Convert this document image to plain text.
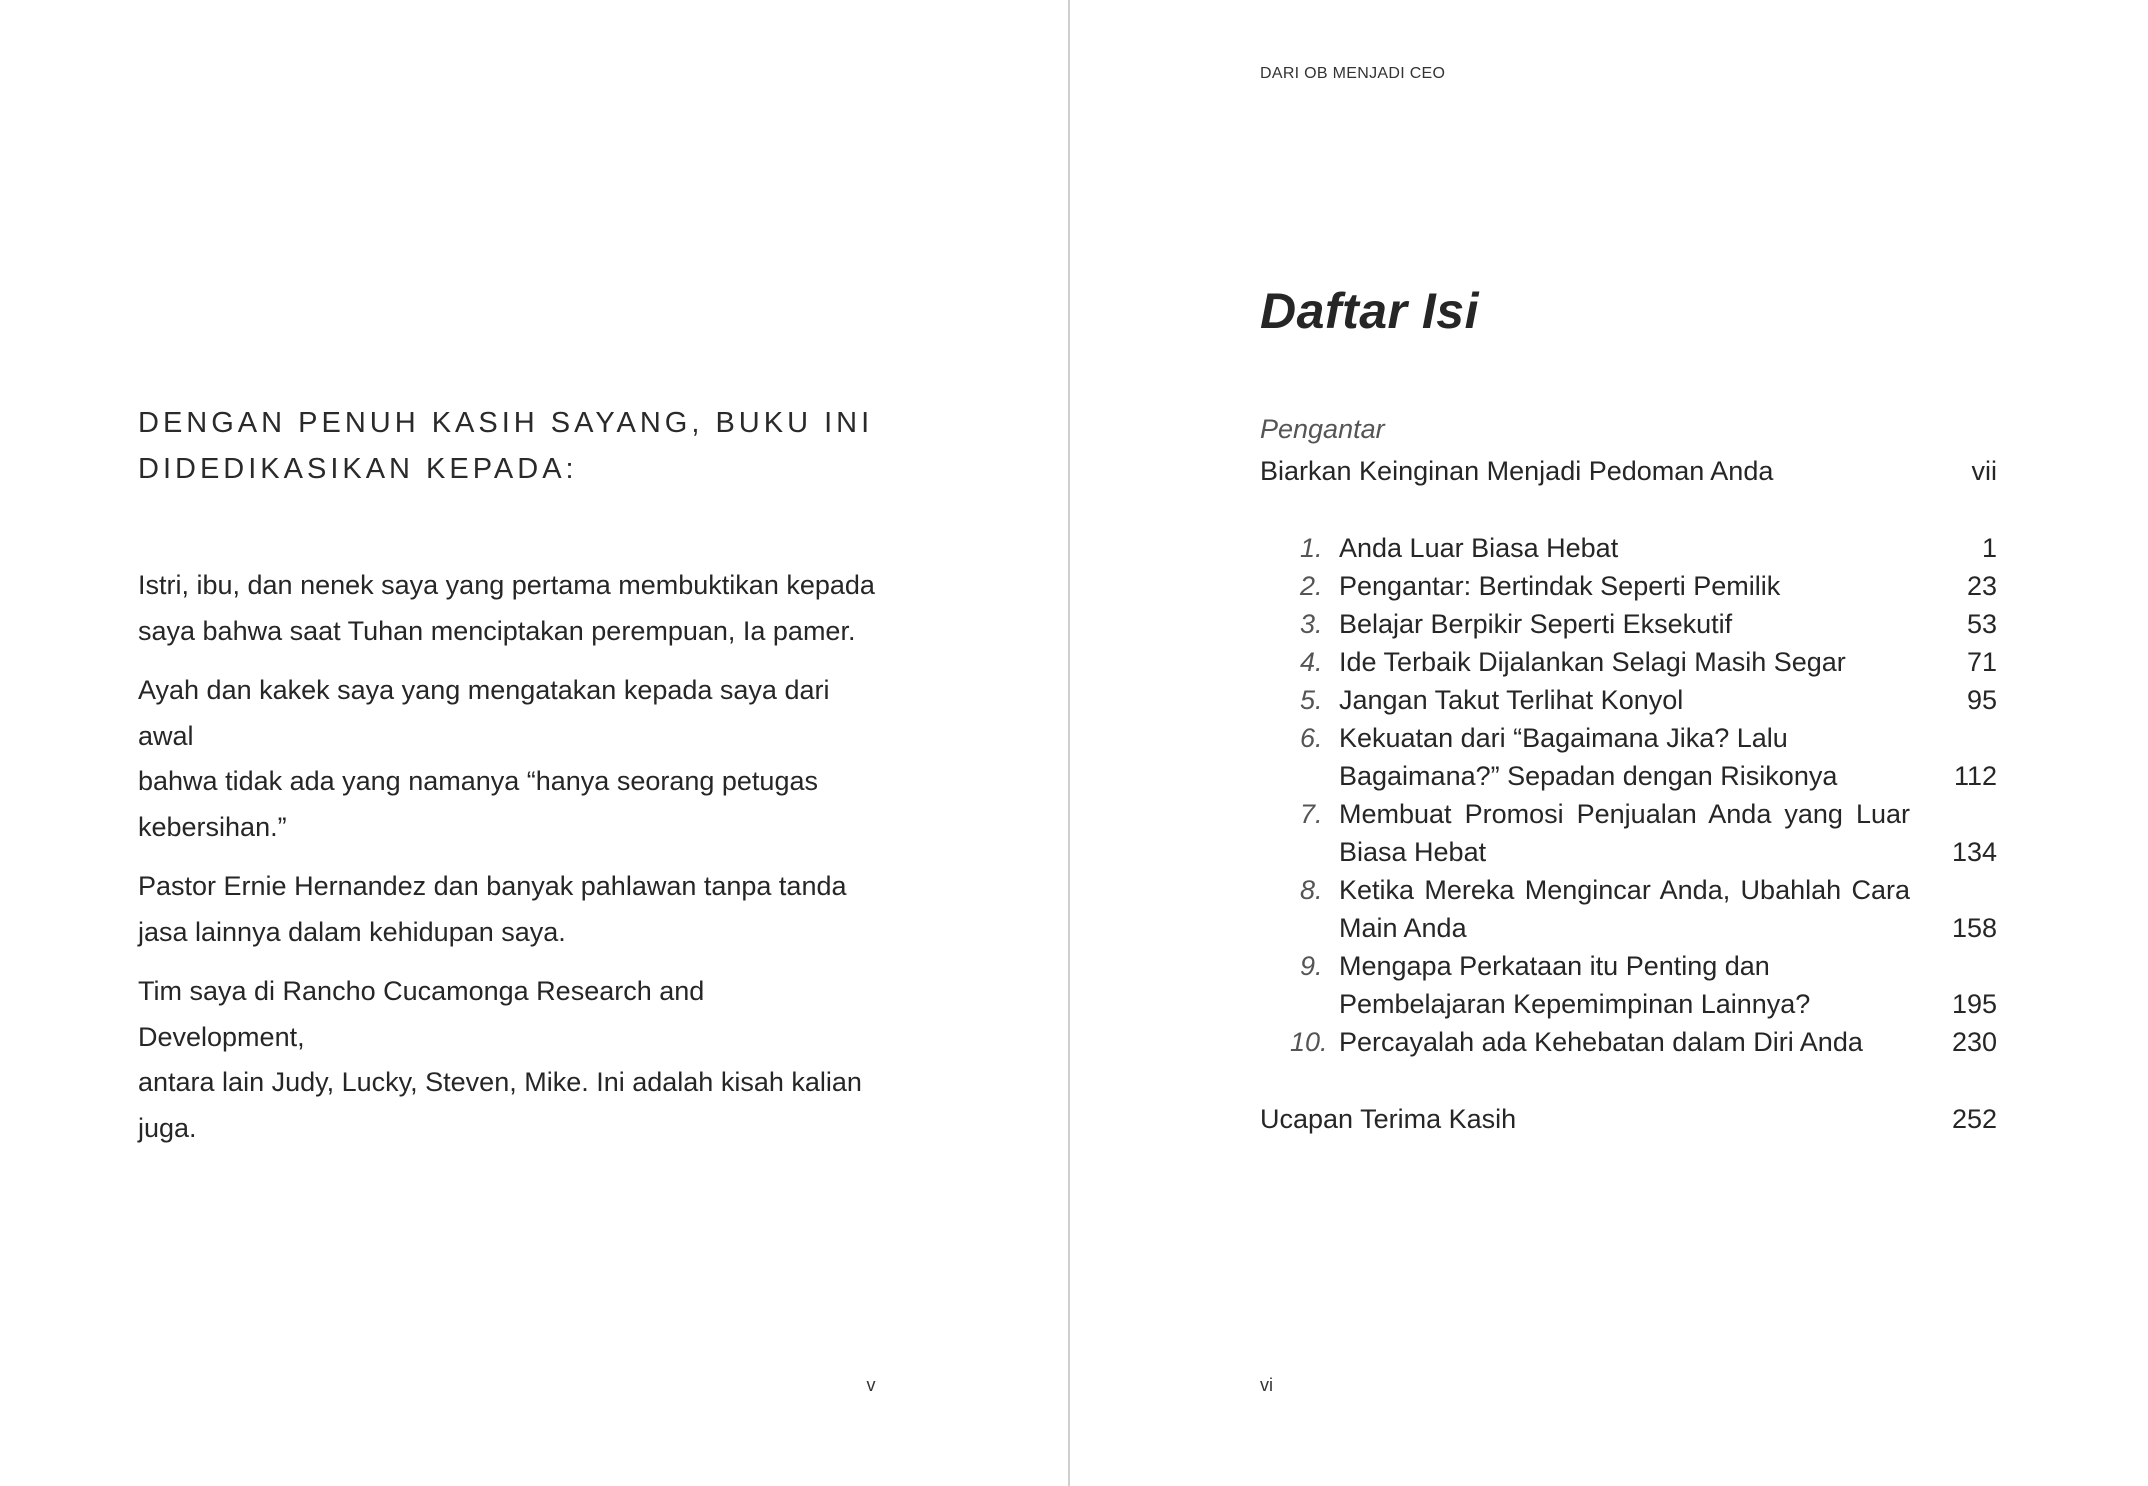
DENGAN PENUH KASIH SAYANG, BUKU INI
DIDEDIKASIKAN KEPADA:
Istri, ibu, dan nenek saya yang pertama membuktikan kepada
saya bahwa saat Tuhan menciptakan perempuan, Ia pamer.
Ayah dan kakek saya yang mengatakan kepada saya dari awal
bahwa tidak ada yang namanya “hanya seorang petugas
kebersihan.”
Pastor Ernie Hernandez dan banyak pahlawan tanpa tanda
jasa lainnya dalam kehidupan saya.
Tim saya di Rancho Cucamonga Research and Development,
antara lain Judy, Lucky, Steven, Mike. Ini adalah kisah kalian
juga.
v
DARI OB MENJADI CEO
Daftar Isi
Pengantar
Biarkan Keinginan Menjadi Pedoman Anda	vii
1. Anda Luar Biasa Hebat	1
2. Pengantar: Bertindak Seperti Pemilik	23
3. Belajar Berpikir Seperti Eksekutif	53
4. Ide Terbaik Dijalankan Selagi Masih Segar	71
5. Jangan Takut Terlihat Konyol	95
6. Kekuatan dari “Bagaimana Jika? Lalu
Bagaimana?” Sepadan dengan Risikonya	112
7. Membuat Promosi Penjualan Anda yang Luar
Biasa Hebat	134
8. Ketika Mereka Mengincar Anda, Ubahlah Cara
Main Anda	158
9. Mengapa Perkataan itu Penting dan
Pembelajaran Kepemimpinan Lainnya?	195
10. Percayalah ada Kehebatan dalam Diri Anda	230
Ucapan Terima Kasih	252
vi
